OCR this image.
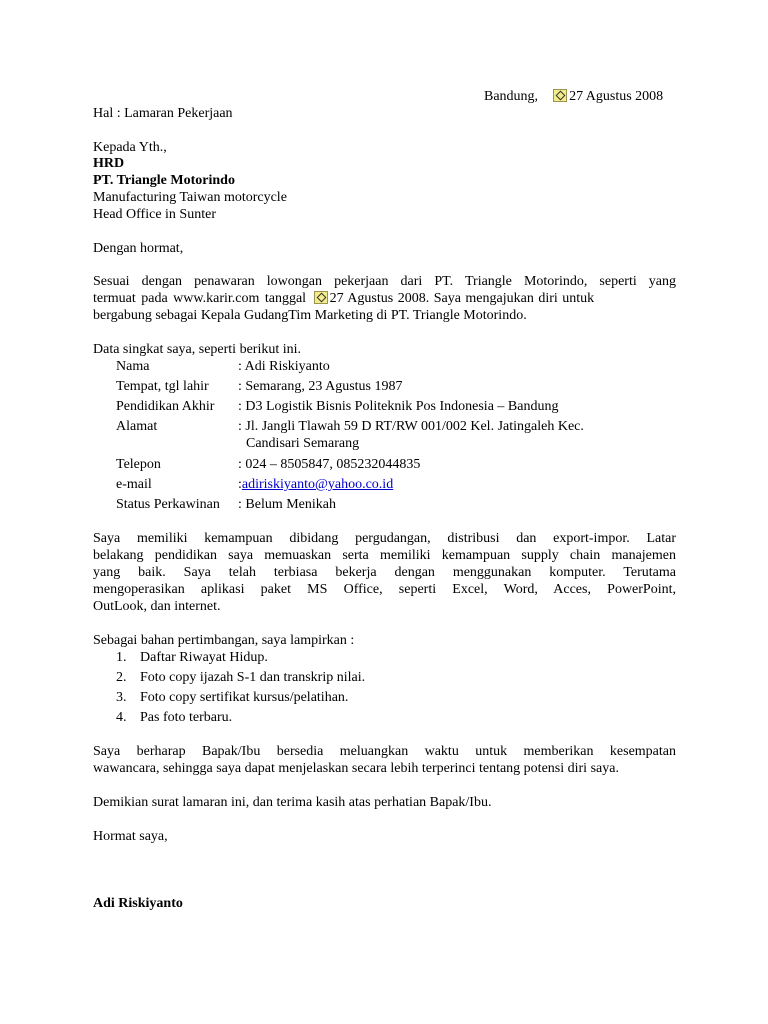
Bandung, 27 Agustus 2008
Hal : Lamaran Pekerjaan
Kepada Yth.,
HRD
PT. Triangle Motorindo
Manufacturing Taiwan motorcycle
Head Office in Sunter
Dengan hormat,
Sesuai dengan penawaran lowongan pekerjaan dari PT. Triangle Motorindo, seperti yang
termuat pada www.karir.com tanggal 27 Agustus 2008. Saya mengajukan diri untuk
bergabung sebagai Kepala GudangTim Marketing di PT. Triangle Motorindo.
Data singkat saya, seperti berikut ini.
Nama	: Adi Riskiyanto
Tempat, tgl lahir : Semarang, 23 Agustus 1987
Pendidikan Akhir : D3 Logistik Bisnis Politeknik Pos Indonesia – Bandung
Alamat	: Jl. Jangli Tlawah 59 D RT/RW 001/002 Kel. Jatingaleh Kec.
Candisari Semarang
Telepon	: 024 – 8505847, 085232044835
e-mail	:adiriskiyanto@yahoo.co.id
Status Perkawinan : Belum Menikah
Saya memiliki kemampuan dibidang pergudangan, distribusi dan export-impor. Latar
belakang pendidikan saya memuaskan serta memiliki kemampuan supply chain manajemen
yang baik. Saya telah terbiasa bekerja dengan menggunakan komputer. Terutama
mengoperasikan aplikasi paket MS Office, seperti Excel, Word, Acces, PowerPoint,
OutLook, dan internet.
Sebagai bahan pertimbangan, saya lampirkan :
1. Daftar Riwayat Hidup.
2. Foto copy ijazah S-1 dan transkrip nilai.
3. Foto copy sertifikat kursus/pelatihan.
4. Pas foto terbaru.
Saya berharap Bapak/Ibu bersedia meluangkan waktu untuk memberikan kesempatan
wawancara, sehingga saya dapat menjelaskan secara lebih terperinci tentang potensi diri saya.
Demikian surat lamaran ini, dan terima kasih atas perhatian Bapak/Ibu.
Hormat saya,
Adi Riskiyanto
